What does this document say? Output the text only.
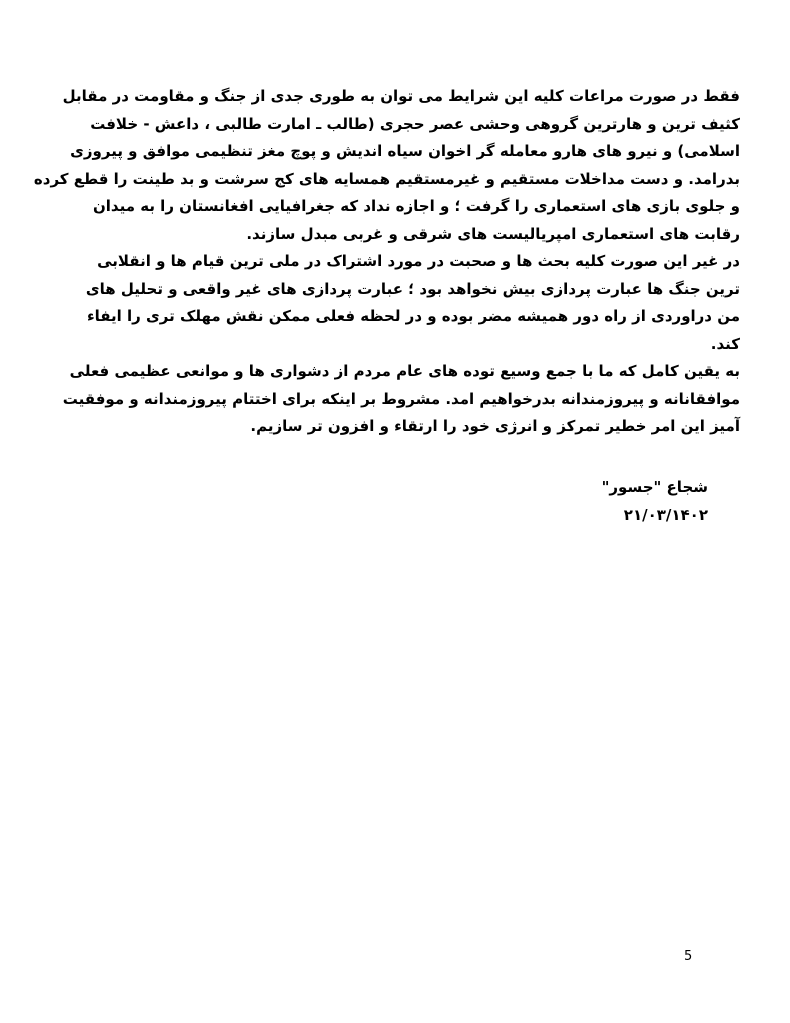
فقط در صورت مراعات کلیه این شرایط می توان به طوری جدی از جنگ و مقاومت در مقابل
کثیف ترین و هارترین گروهی وحشی عصر حجری (طالب ـ امارت طالبی ، داعش - خلافت
اسلامی) و نیرو های هارو معامله گر اخوان سیاه اندیش و پوچ مغز تنظیمی موافق و پیروزی
بدرامد. و دست مداخلات مستقیم و غیرمستقیم همسایه های کج سرشت و بد طینت را قطع کرده
و جلوی بازی های استعماری را گرفت ؛ و اجازه نداد که جغرافیایی افغانستان را به میدان
رقابت های استعماری امپریالیست های شرقی و غربی مبدل سازند.
در غیر این صورت کلیه بحث ها و صحبت در مورد اشتراک در ملی ترین قیام ها و انقلابی
ترین جنگ ها عبارت پردازی بیش نخواهد بود ؛ عبارت پردازی های غیر واقعی و تحلیل های
من دراوردی از راه دور همیشه مضر بوده و در لحظه فعلی ممکن نقش مهلک تری را ایفاء
کند.
به یقین کامل که ما با جمع وسیع توده های عام مردم از دشواری ها و موانعی عظیمی فعلی
موافقانانه و پیروزمندانه بدرخواهیم امد. مشروط بر اینکه برای اختتام پیروزمندانه و موفقیت
آمیز این امر خطیر تمرکز و انرژی خود را ارتقاء و افزون تر سازیم.
شجاع "جسور"
۲۱/۰۳/۱۴۰۲
5
